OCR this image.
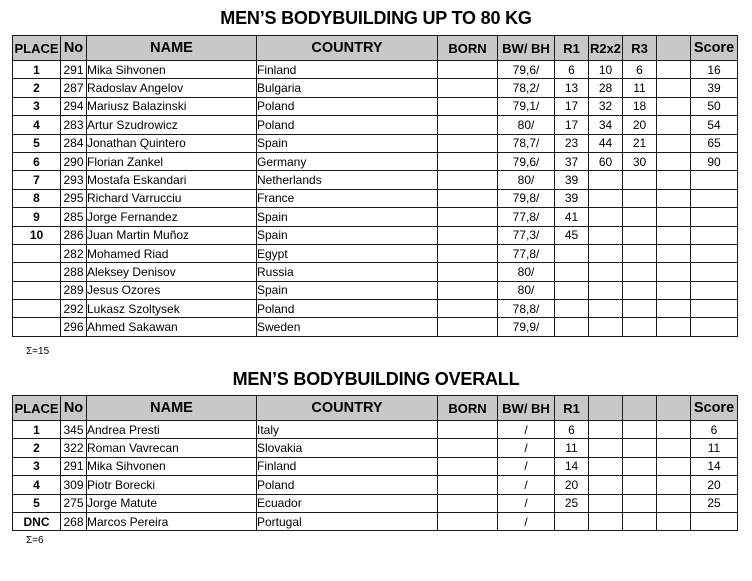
MEN’S BODYBUILDING UP TO 80 KG
PLACE	No	NAME	COUNTRY	BORN	BW/ BH	R1	R2x2	R3		Score
1	291	Mika Sihvonen	Finland		79,6/	6	10	6		16
2	287	Radoslav Angelov	Bulgaria		78,2/	13	28	11		39
3	294	Mariusz Balazinski	Poland		79,1/	17	32	18		50
4	283	Artur Szudrowicz	Poland		80/	17	34	20		54
5	284	Jonathan Quintero	Spain		78,7/	23	44	21		65
6	290	Florian Zankel	Germany		79,6/	37	60	30		90
7	293	Mostafa Eskandari	Netherlands		80/	39				
8	295	Richard Varrucciu	France		79,8/	39				
9	285	Jorge Fernandez	Spain		77,8/	41				
10	286	Juan Martin Muñoz	Spain		77,3/	45				
	282	Mohamed Riad	Egypt		77,8/					
	288	Aleksey Denisov	Russia		80/					
	289	Jesus Ozores	Spain		80/					
	292	Lukasz Szoltysek	Poland		78,8/					
	296	Ahmed Sakawan	Sweden		79,9/					
Σ=15
MEN’S BODYBUILDING OVERALL
PLACE	No	NAME	COUNTRY	BORN	BW/ BH	R1				Score
1	345	Andrea Presti	Italy		/	6				6
2	322	Roman Vavrecan	Slovakia		/	11				11
3	291	Mika Sihvonen	Finland		/	14				14
4	309	Piotr Borecki	Poland		/	20				20
5	275	Jorge Matute	Ecuador		/	25				25
DNC	268	Marcos Pereira	Portugal		/					
Σ=6
